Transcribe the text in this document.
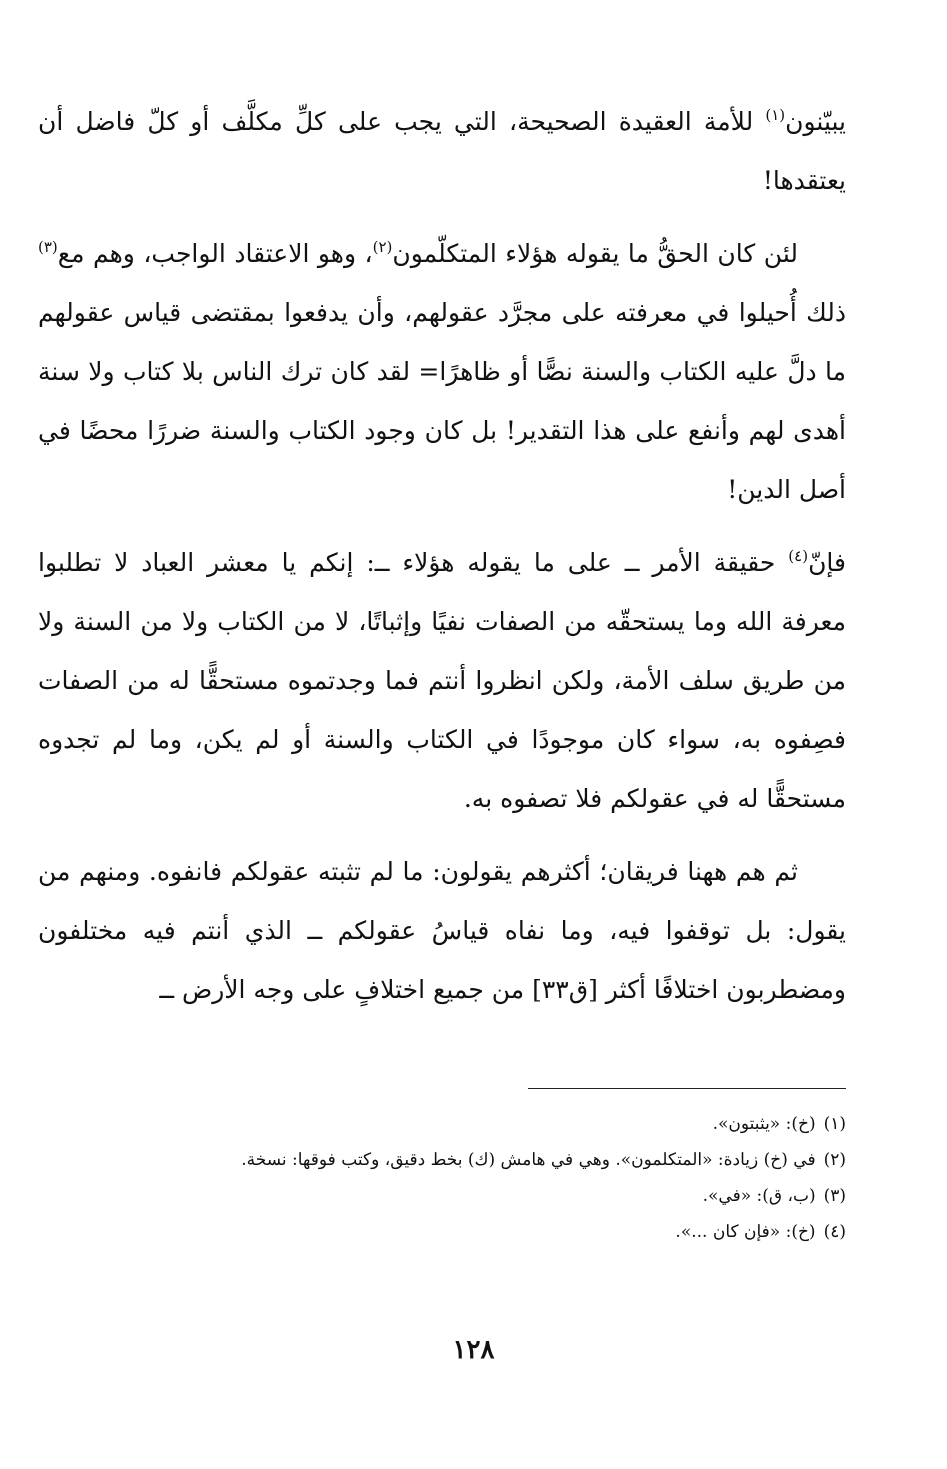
يبيّنون$^{(١)}$ للأمة العقيدة الصحيحة، التي يجب على كلِّ مكلَّف أو كلّ فاضل أن يعتقدها!

لئن كان الحقُّ ما يقوله هؤلاء المتكلّمون$^{(٢)}$، وهو الاعتقاد الواجب، وهم مع$^{(٣)}$ ذلك أُحيلوا في معرفته على مجرَّد عقولهم، وأن يدفعوا بمقتضى قياس عقولهم ما دلَّ عليه الكتاب والسنة نصًّا أو ظاهرًا= لقد كان ترك الناس بلا كتاب ولا سنة أهدى لهم وأنفع على هذا التقدير! بل كان وجود الكتاب والسنة ضررًا محضًا في أصل الدين!

فإنّ$^{(٤)}$ حقيقة الأمر ــ على ما يقوله هؤلاء ــ: إنكم يا معشر العباد لا تطلبوا معرفة الله وما يستحقّه من الصفات نفيًا وإثباتًا، لا من الكتاب ولا من السنة ولا من طريق سلف الأمة، ولكن انظروا أنتم فما وجدتموه مستحقًّا له من الصفات فصِفوه به، سواء كان موجودًا في الكتاب والسنة أو لم يكن، وما لم تجدوه مستحقًّا له في عقولكم فلا تصفوه به.

ثم هم ههنا فريقان؛ أكثرهم يقولون: ما لم تثبته عقولكم فانفوه. ومنهم من يقول: بل توقفوا فيه، وما نفاه قياسُ عقولكم ــ الذي أنتم فيه مختلفون ومضطربون اختلافًا أكثر [ق٣٣] من جميع اختلافٍ على وجه الأرض ــ

(١)(خ): «يثبتون».

(٢)في (خ) زيادة: «المتكلمون». وهي في هامش (ك) بخط دقيق، وكتب فوقها: نسخة.

(٣)(ب، ق): «في».

(٤)(خ): «فإن كان ...».

١٢٨
